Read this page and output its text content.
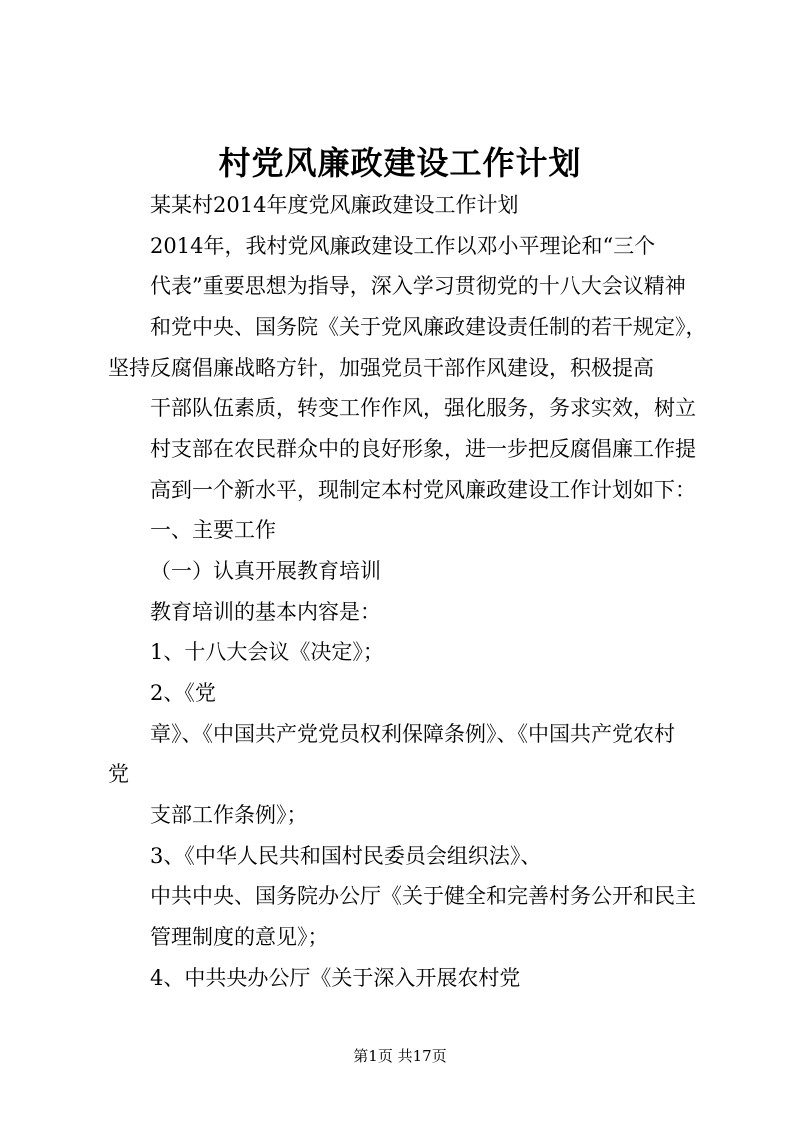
村党风廉政建设工作计划
某某村2014年度党风廉政建设工作计划
2014年，我村党风廉政建设工作以邓小平理论和“三个
代表”重要思想为指导，深入学习贯彻党的十八大会议精神
和党中央、国务院《关于党风廉政建设责任制的若干规定》，
坚持反腐倡廉战略方针，加强党员干部作风建设，积极提高
干部队伍素质，转变工作作风，强化服务，务求实效，树立
村支部在农民群众中的良好形象，进一步把反腐倡廉工作提
高到一个新水平，现制定本村党风廉政建设工作计划如下：
一、主要工作
（一）认真开展教育培训
教育培训的基本内容是：
1、十八大会议《决定》；
2、《党
章》、《中国共产党党员权利保障条例》、《中国共产党农村
党
支部工作条例》；
3、《中华人民共和国村民委员会组织法》、
中共中央、国务院办公厅《关于健全和完善村务公开和民主
管理制度的意见》；
4、中共央办公厅《关于深入开展农村党
第1页 共17页
